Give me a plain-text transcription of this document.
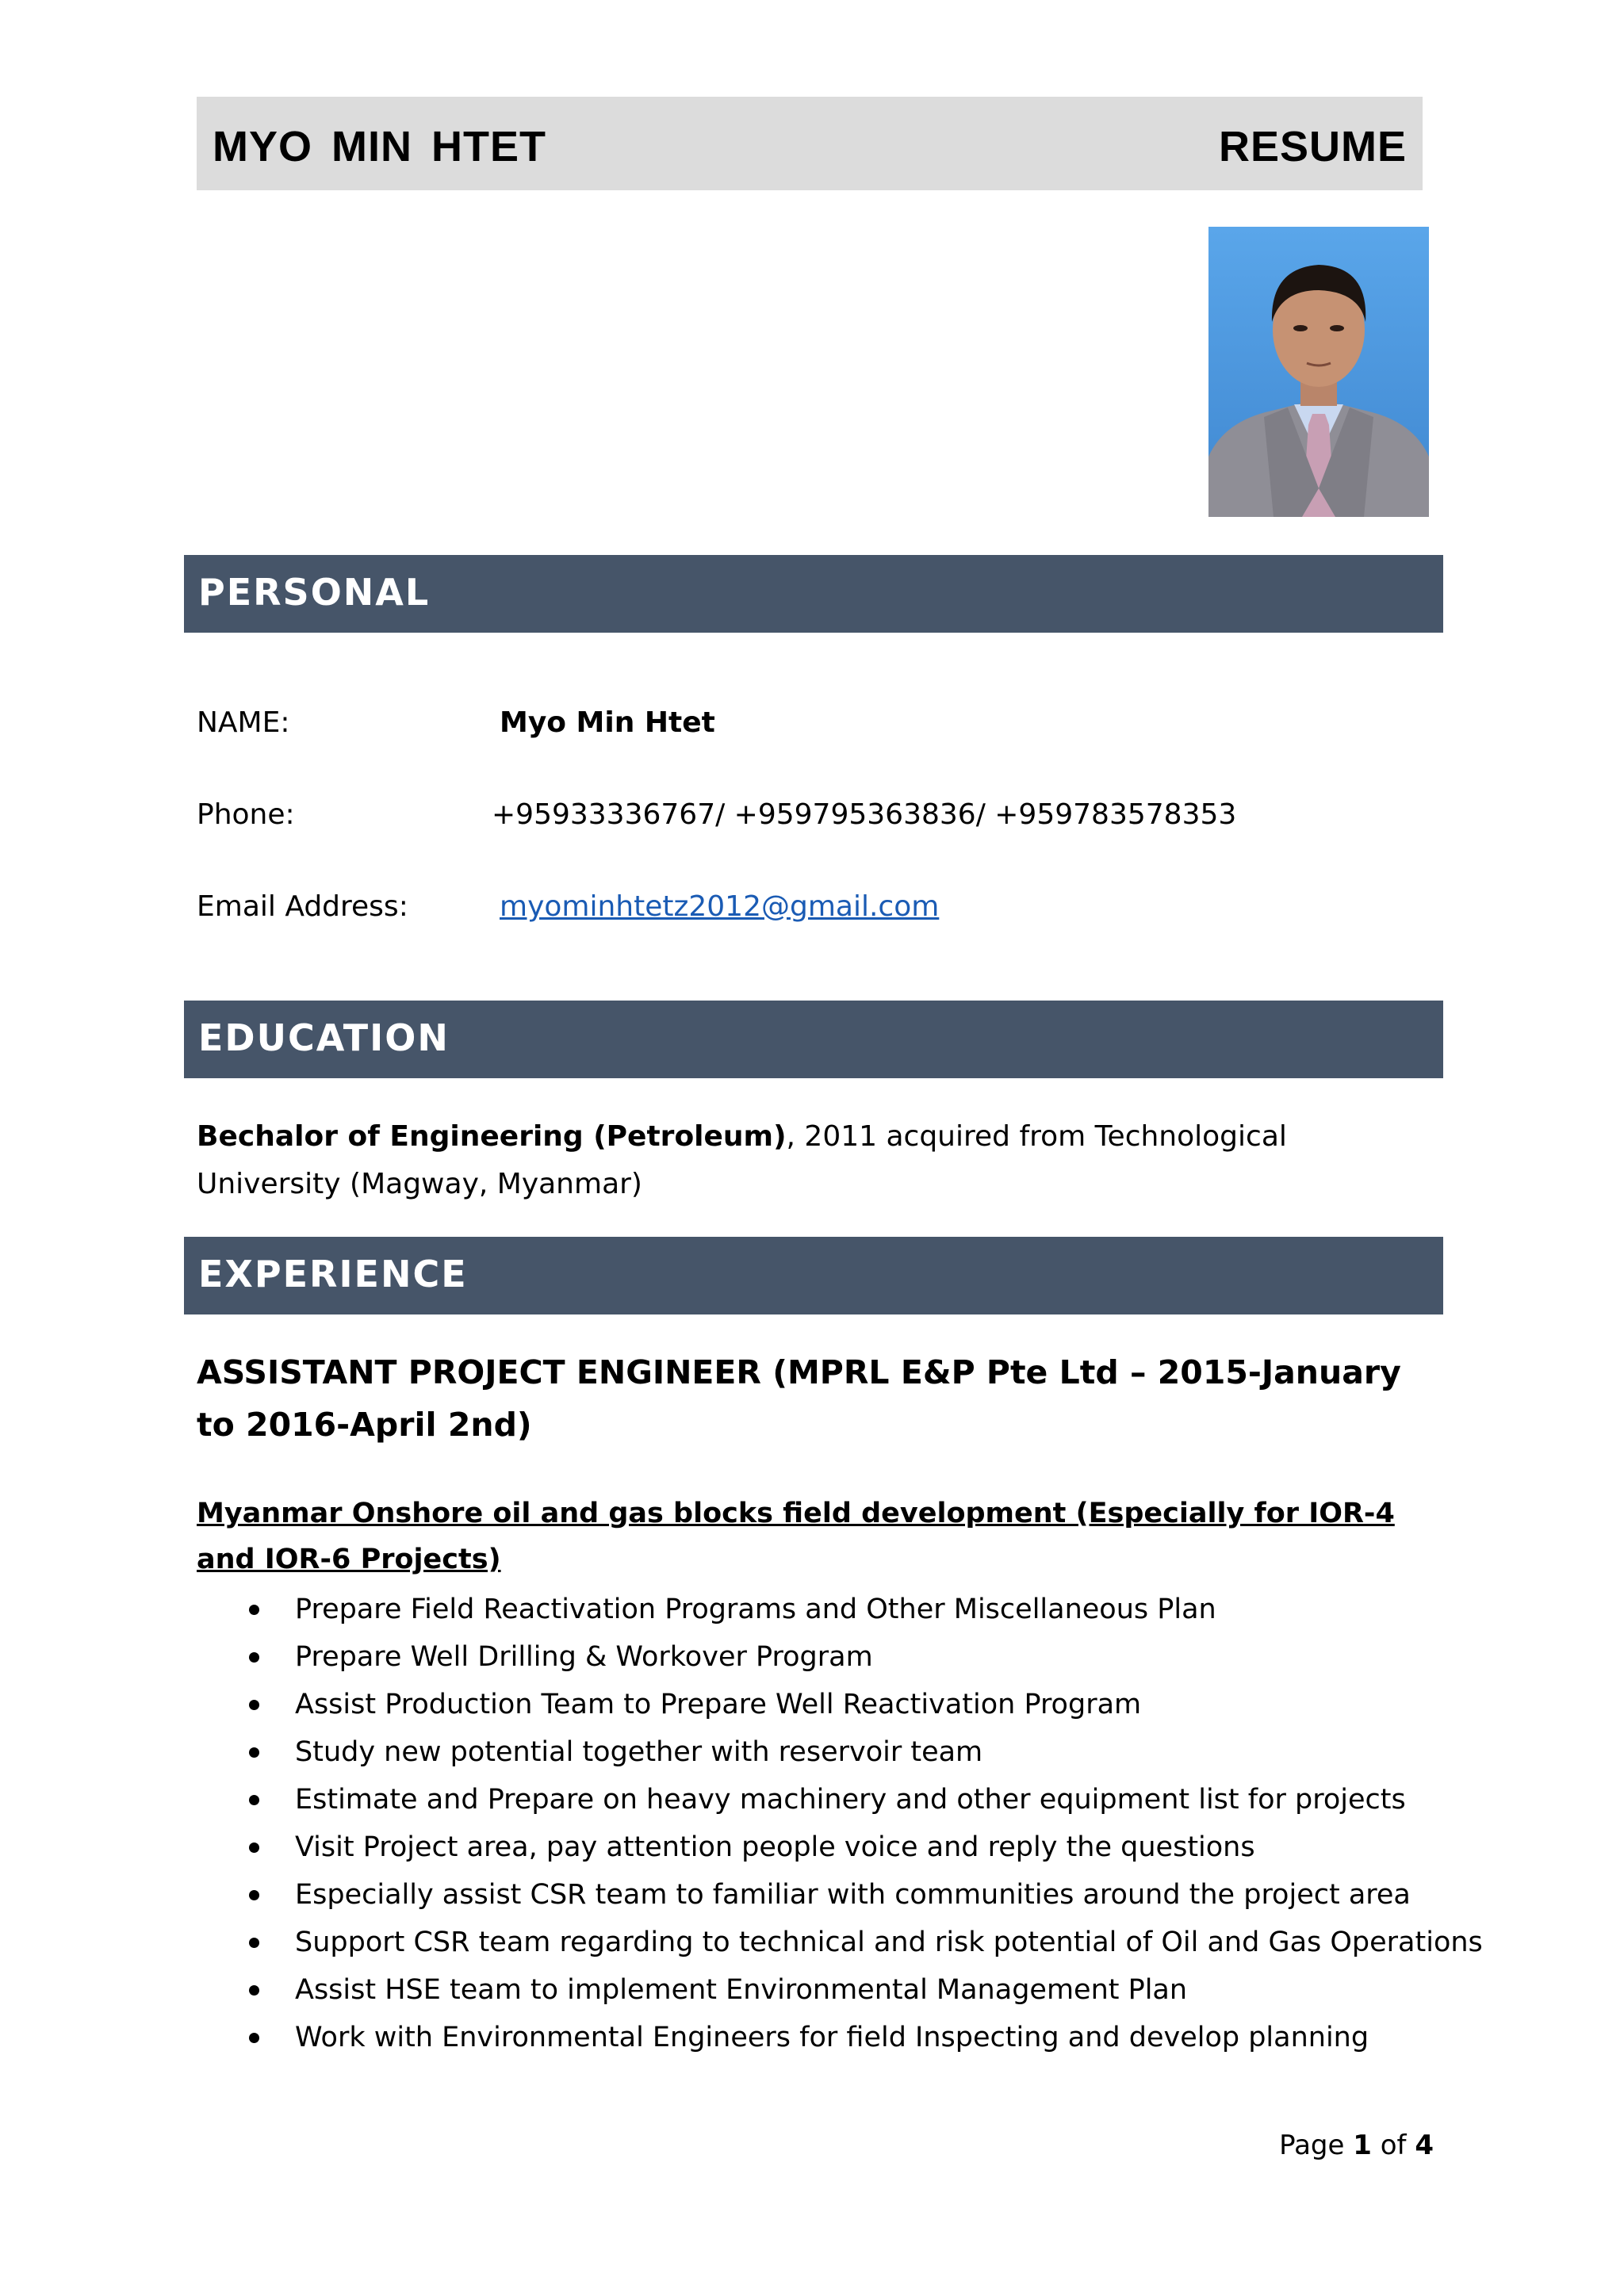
MYO MIN HTET	RESUME
PERSONAL
NAME:	Myo Min Htet
Phone:	+95933336767/ +959795363836/ +959783578353
Email Address:	myominhtetz2012@gmail.com
EDUCATION
Bechalor of Engineering (Petroleum), 2011 acquired from Technological University (Magway, Myanmar)
EXPERIENCE
ASSISTANT PROJECT ENGINEER (MPRL E&P Pte Ltd – 2015-January to 2016-April 2nd)
Myanmar Onshore oil and gas blocks field development (Especially for IOR-4 and IOR-6 Projects)
Prepare Field Reactivation Programs and Other Miscellaneous Plan
Prepare Well Drilling & Workover Program
Assist Production Team to Prepare Well Reactivation Program
Study new potential together with reservoir team
Estimate and Prepare on heavy machinery and other equipment list for projects
Visit Project area, pay attention people voice and reply the questions
Especially assist CSR team to familiar with communities around the project area
Support CSR team regarding to technical and risk potential of Oil and Gas Operations
Assist HSE team to implement Environmental Management Plan
Work with Environmental Engineers for field Inspecting and develop planning
Page 1 of 4
